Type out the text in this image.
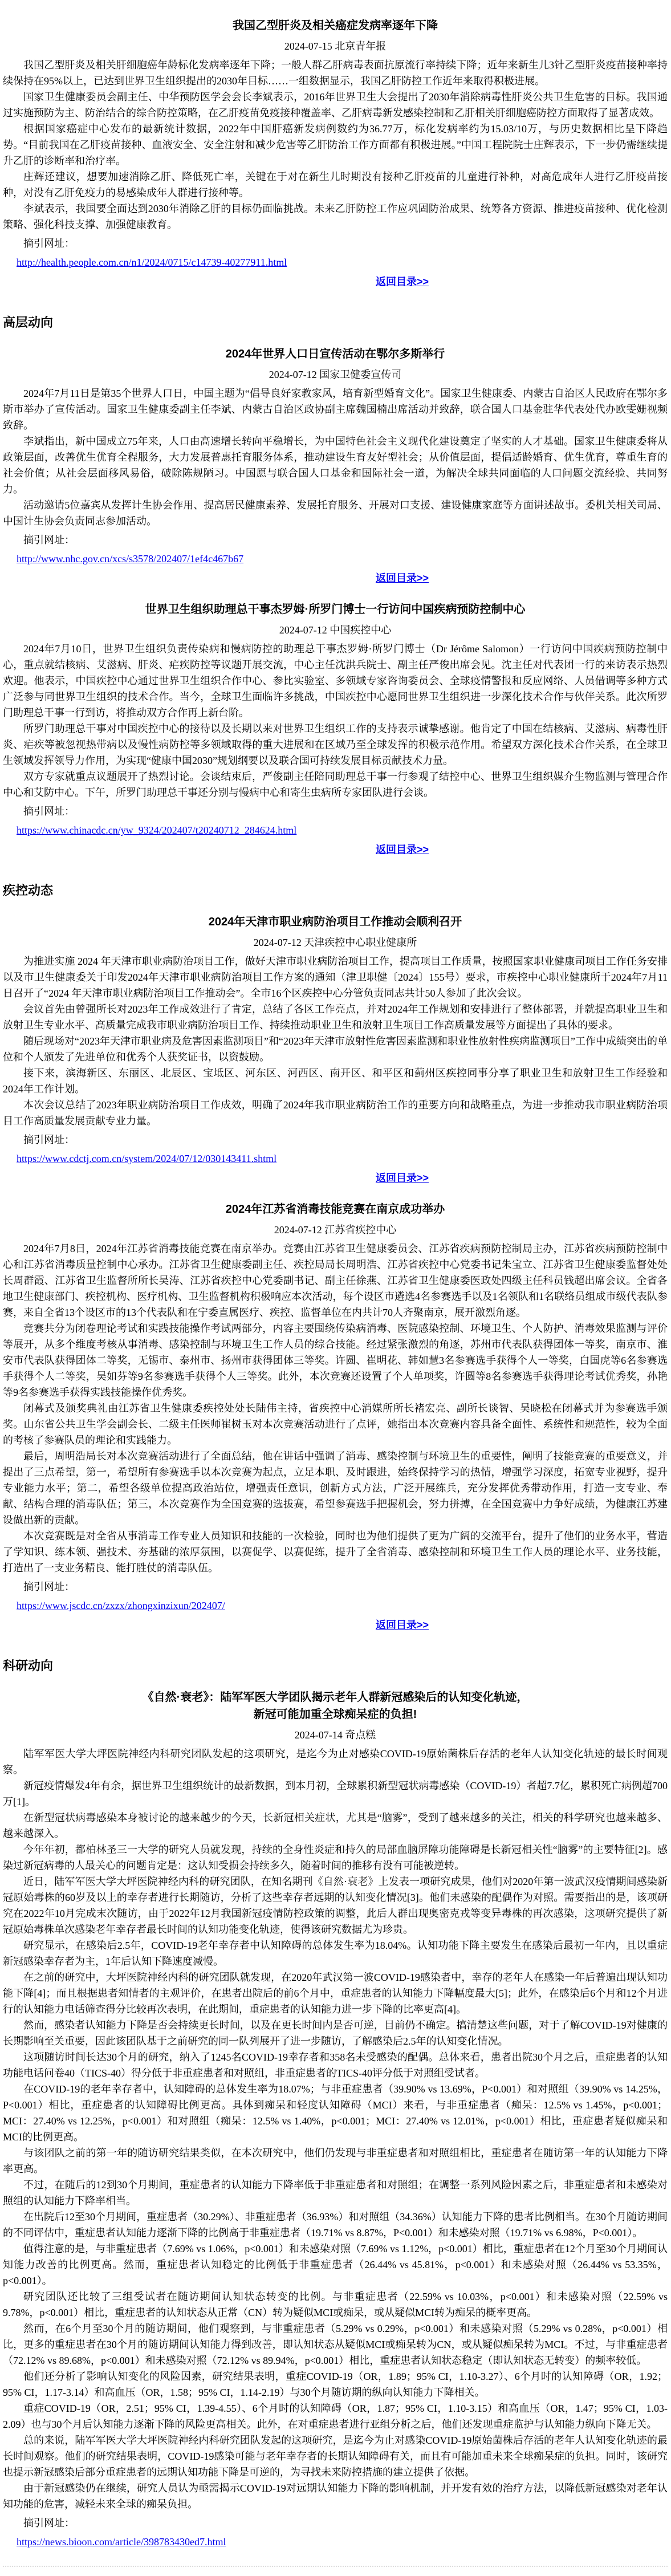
我国乙型肝炎及相关癌症发病率逐年下降
2024-07-15 北京青年报

我国乙型肝炎及相关肝细胞癌年龄标化发病率逐年下降；一般人群乙肝病毒表面抗原流行率持续下降；近年来新生儿3针乙型肝炎疫苗接种率持续保持在95%以上，已达到世界卫生组织提出的2030年目标……一组数据显示，我国乙肝防控工作近年来取得积极进展。

国家卫生健康委员会副主任、中华预防医学会会长李斌表示，2016年世界卫生大会提出了2030年消除病毒性肝炎公共卫生危害的目标。我国通过实施预防为主、防治结合的综合防控策略，在乙肝疫苗免疫接种覆盖率、乙肝病毒新发感染控制和乙肝相关肝细胞癌防控方面取得了显著成效。

根据国家癌症中心发布的最新统计数据，2022年中国肝癌新发病例数约为36.77万，标化发病率约为15.03/10万，与历史数据相比呈下降趋势。“目前我国在乙肝疫苗接种、血液安全、安全注射和减少危害等乙肝防治工作方面都有积极进展。”中国工程院院士庄辉表示，下一步仍需继续提升乙肝的诊断率和治疗率。

庄辉还建议，想要加速消除乙肝、降低死亡率，关键在于对在新生儿时期没有接种乙肝疫苗的儿童进行补种，对高危成年人进行乙肝疫苗接种，对没有乙肝免疫力的易感染成年人群进行接种等。

李斌表示，我国要全面达到2030年消除乙肝的目标仍面临挑战。未来乙肝防控工作应巩固防治成果、统筹各方资源、推进疫苗接种、优化检测策略、强化科技支撑、加强健康教育。

摘引网址：

http://health.people.com.cn/n1/2024/0715/c14739-40277911.html

返回目录>>

高层动向
2024年世界人口日宣传活动在鄂尔多斯举行
2024-07-12 国家卫健委宣传司

2024年7月11日是第35个世界人口日，中国主题为“倡导良好家教家风，培育新型婚育文化”。国家卫生健康委、内蒙古自治区人民政府在鄂尔多斯市举办了宣传活动。国家卫生健康委副主任李斌、内蒙古自治区政协副主席魏国楠出席活动并致辞，联合国人口基金驻华代表处代办欧雯姗视频致辞。

李斌指出，新中国成立75年来，人口由高速增长转向平稳增长，为中国特色社会主义现代化建设奠定了坚实的人才基础。国家卫生健康委将从政策层面，改善优生优育全程服务，大力发展普惠托育服务体系，推动建设生育友好型社会；从价值层面，提倡适龄婚育、优生优育，尊重生育的社会价值；从社会层面移风易俗，破除陈规陋习。中国愿与联合国人口基金和国际社会一道，为解决全球共同面临的人口问题交流经验、共同努力。

活动邀请5位嘉宾从发挥计生协会作用、提高居民健康素养、发展托育服务、开展对口支援、建设健康家庭等方面讲述故事。委机关相关司局、中国计生协会负责同志参加活动。

摘引网址：

http://www.nhc.gov.cn/xcs/s3578/202407/1ef4c467b67

返回目录>>

世界卫生组织助理总干事杰罗姆·所罗门博士一行访问中国疾病预防控制中心
2024-07-12 中国疾控中心

2024年7月10日，世界卫生组织负责传染病和慢病防控的助理总干事杰罗姆·所罗门博士（Dr Jérôme Salomon）一行访问中国疾病预防控制中心，重点就结核病、艾滋病、肝炎、疟疾防控等议题开展交流，中心主任沈洪兵院士、副主任严俊出席会见。沈主任对代表团一行的来访表示热烈欢迎。他表示，中国疾控中心通过世界卫生组织合作中心、参比实验室、多领域专家咨询委员会、全球疫情警报和反应网络、人员借调等多种方式广泛参与同世界卫生组织的技术合作。当今，全球卫生面临许多挑战，中国疾控中心愿同世界卫生组织进一步深化技术合作与伙伴关系。此次所罗门助理总干事一行到访，将推动双方合作再上新台阶。

所罗门助理总干事对中国疾控中心的接待以及长期以来对世界卫生组织工作的支持表示诚挚感谢。他肯定了中国在结核病、艾滋病、病毒性肝炎、疟疾等被忽视热带病以及慢性病防控等多领域取得的重大进展和在区域乃至全球发挥的积极示范作用。希望双方深化技术合作关系，在全球卫生领域发挥领导力作用，为实现“健康中国2030”规划纲要以及联合国可持续发展目标贡献技术力量。

双方专家就重点议题展开了热烈讨论。会谈结束后，严俊副主任陪同助理总干事一行参观了结控中心、世界卫生组织媒介生物监测与管理合作中心和艾防中心。下午，所罗门助理总干事还分别与慢病中心和寄生虫病所专家团队进行会谈。

摘引网址：

https://www.chinacdc.cn/yw_9324/202407/t20240712_284624.html

返回目录>>

疾控动态
2024年天津市职业病防治项目工作推动会顺利召开
2024-07-12 天津疾控中心职业健康所

为推进实施 2024 年天津市职业病防治项目工作，做好天津市职业病防治项目工作，提高项目工作质量，按照国家职业健康司项目工作任务安排以及市卫生健康委关于印发2024年天津市职业病防治项目工作方案的通知（津卫职健〔2024〕155号）要求，市疾控中心职业健康所于2024年7月11日召开了“2024 年天津市职业病防治项目工作推动会”。全市16个区疾控中心分管负责同志共计50人参加了此次会议。

会议首先由曾强所长对2023年工作成效进行了肯定，总结了各区工作亮点，并对2024年工作规划和安排进行了整体部署，并就提高职业卫生和放射卫生专业水平、高质量完成我市职业病防治项目工作、持续推动职业卫生和放射卫生项目工作高质量发展等方面提出了具体的要求。

随后现场对“2023年天津市职业病及危害因素监测项目”和“2023年天津市放射性危害因素监测和职业性放射性疾病监测项目”工作中成绩突出的单位和个人颁发了先进单位和优秀个人获奖证书，以资鼓励。

接下来，滨海新区、东丽区、北辰区、宝坻区、河东区、河西区、南开区、和平区和蓟州区疾控同事分享了职业卫生和放射卫生工作经验和2024年工作计划。

本次会议总结了2023年职业病防治项目工作成效，明确了2024年我市职业病防治工作的重要方向和战略重点，为进一步推动我市职业病防治项目工作高质量发展贡献专业力量。

摘引网址：

https://www.cdctj.com.cn/system/2024/07/12/030143411.shtml

返回目录>>

2024年江苏省消毒技能竞赛在南京成功举办
2024-07-12 江苏省疾控中心

2024年7月8日，2024年江苏省消毒技能竞赛在南京举办。竞赛由江苏省卫生健康委员会、江苏省疾病预防控制局主办，江苏省疾病预防控制中心和江苏省消毒质量控制中心承办。江苏省卫生健康委副主任、疾控局局长周明浩、江苏省疾控中心党委书记朱宝立、江苏省卫生健康委监督处处长周群霞、江苏省卫生监督所所长吴涛、江苏省疾控中心党委副书记、副主任徐燕、江苏省卫生健康委医政处四级主任科员钱超出席会议。全省各地卫生健康部门、疾控机构、医疗机构、卫生监督机构积极响应本次活动，每个设区市遴选4名参赛选手以及1名领队和1名联络员组成市级代表队参赛，来自全省13个设区市的13个代表队和在宁委直属医疗、疾控、监督单位在内共计70人齐聚南京，展开激烈角逐。

竞赛共分为闭卷理论考试和实践技能操作考试两部分，内容主要围绕传染病消毒、医院感染控制、环境卫生、个人防护、消毒效果监测与评价等展开，从多个维度考核从事消毒、感染控制与环境卫生工作人员的综合技能。经过紧张激烈的角逐，苏州市代表队获得团体一等奖，南京市、淮安市代表队获得团体二等奖，无锡市、泰州市、扬州市获得团体三等奖。许圆、崔明花、韩如慧3名参赛选手获得个人一等奖，白国虎等6名参赛选手获得个人二等奖，吴如芬等9名参赛选手获得个人三等奖。此外，本次竞赛还设置了个人单项奖，许圆等8名参赛选手获得理论考试优秀奖，孙艳等9名参赛选手获得实践技能操作优秀奖。

闭幕式及颁奖典礼由江苏省卫生健康委疾控处处长陆伟主持，省疾控中心消媒所所长褚宏亮、副所长谈智、吴晓松在闭幕式并为参赛选手颁奖。山东省公共卫生学会副会长、二级主任医师崔树玉对本次竞赛活动进行了点评，她指出本次竞赛内容具备全面性、系统性和规范性，较为全面的考核了参赛队员的理论和实践能力。

最后，周明浩局长对本次竞赛活动进行了全面总结，他在讲话中强调了消毒、感染控制与环境卫生的重要性，阐明了技能竞赛的重要意义，并提出了三点希望，第一，希望所有参赛选手以本次竞赛为起点，立足本职、及时跟进，始终保持学习的热情，增强学习深度，拓宽专业视野，提升专业能力水平；第二，希望各级单位提高政治站位，增强责任意识，创新方式方法，广泛开展练兵，充分发挥优秀带动作用，打造一支专业、奉献、结构合理的消毒队伍；第三，本次竞赛作为全国竞赛的选拔赛，希望参赛选手把握机会，努力拼搏，在全国竞赛中力争好成绩，为健康江苏建设做出新的贡献。

本次竞赛既是对全省从事消毒工作专业人员知识和技能的一次检验，同时也为他们提供了更为广阔的交流平台，提升了他们的业务水平，营造了学知识、练本领、强技术、夯基础的浓厚氛围，以赛促学、以赛促练，提升了全省消毒、感染控制和环境卫生工作人员的理论水平、业务技能，打造出了一支业务精良、能打胜仗的消毒队伍。

摘引网址：

https://www.jscdc.cn/zxzx/zhongxinzixun/202407/

返回目录>>

科研动向
《自然·衰老》：陆军军医大学团队揭示老年人群新冠感染后的认知变化轨迹，
新冠可能加重全球痴呆症的负担!
2024-07-14 奇点糕

陆军军医大学大坪医院神经内科研究团队发起的这项研究，是迄今为止对感染COVID-19原始菌株后存活的老年人认知变化轨迹的最长时间观察。

新冠疫情爆发4年有余，据世界卫生组织统计的最新数据，到本月初，全球累积新型冠状病毒感染（COVID-19）者超7.7亿，累积死亡病例超700万[1]。

在新型冠状病毒感染本身被讨论的越来越少的今天，长新冠相关症状，尤其是“脑雾”，受到了越来越多的关注，相关的科学研究也越来越多、越来越深入。

今年年初，都柏林圣三一大学的研究人员就发现，持续的全身性炎症和持久的局部血脑屏障功能障碍是长新冠相关性“脑雾”的主要特征[2]。感染过新冠病毒的人最关心的问题肯定是：这认知受损会持续多久，随着时间的推移有没有可能被逆转。

近日，陆军军医大学大坪医院神经内科的研究团队，在知名期刊《自然·衰老》上发表一项研究成果，他们对2020年第一波武汉疫情期间感染新冠原始毒株的60岁及以上的幸存者进行长期随访，分析了这些幸存者远期的认知变化情况[3]。他们未感染的配偶作为对照。需要指出的是，该项研究在2022年10月完成末次随访，由于2022年12月我国新冠疫情防控政策的调整，此后人群出现奥密克戎等变异毒株的再次感染，这项研究提供了新冠原始毒株单次感染老年幸存者最长时间的认知功能变化轨迹，使得该研究数据尤为珍贵。

研究显示，在感染后2.5年，COVID-19老年幸存者中认知障碍的总体发生率为18.04%。认知功能下降主要发生在感染后最初一年内，且以重症新冠感染幸存者为主，1年后认知下降速度减慢。

在之前的研究中，大坪医院神经内科的研究团队就发现，在2020年武汉第一波COVID-19感染者中，幸存的老年人在感染一年后普遍出现认知功能下降[4]；而且根据患者知情者的主观评价，在患者出院后的前6个月中，重症患者的认知能力下降幅度最大[5]；此外，在感染后6个月和12个月进行的认知能力电话筛查得分比较再次表明，在此期间，重症患者的认知能力进一步下降的比率更高[4]。

然而，感染者认知能力下降是否会持续更长时间，以及在更长时间内是否可逆，目前仍不确定。搞清楚这些问题，对于了解COVID-19对健康的长期影响至关重要，因此该团队基于之前研究的同一队列展开了进一步随访，了解感染后2.5年的认知变化情况。

这项随访时间长达30个月的研究，纳入了1245名COVID-19幸存者和358名未受感染的配偶。总体来看，患者出院30个月之后，重症患者的认知功能电话问卷40（TICS-40）得分低于非重症患者和对照组，非重症患者的TICS-40评分低于对照组受试者。

在COVID-19的老年幸存者中，认知障碍的总体发生率为18.07%；与非重症患者（39.90% vs 13.69%，P<0.001）和对照组（39.90% vs 14.25%，P<0.001）相比，重症患者的认知障碍比例更高。具体到痴呆和轻度认知障碍（MCI）来看，与非重症患者（痴呆：12.5% vs 1.45%，p<0.001；MCI：27.40% vs 12.25%，p<0.001）和对照组（痴呆：12.5% vs 1.40%，p<0.001；MCI：27.40% vs 12.01%，p<0.001）相比，重症患者疑似痴呆和MCI的比例更高。

与该团队之前的第一年的随访研究结果类似，在本次研究中，他们仍发现与非重症患者和对照组相比，重症患者在随访第一年的认知能力下降率更高。

不过，在随后的12到30个月期间，重症患者的认知能力下降率低于非重症患者和对照组；在调整一系列风险因素之后，非重症患者和未感染对照组的认知能力下降率相当。

在出院后12至30个月期间，重症患者（30.29%）、非重症患者（36.93%）和对照组（34.36%）认知能力下降的患者比例相当。在30个月随访期间的不同评估中，重症患者认知能力逐渐下降的比例高于非重症患者（19.71% vs 8.87%，P<0.001）和未感染对照（19.71% vs 6.98%，P<0.001）。

值得注意的是，与非重症患者（7.69% vs 1.06%，p<0.001）和未感染对照（7.69% vs 1.12%，p<0.001）相比，重症患者在12个月至30个月期间认知能力改善的比例更高。然而，重症患者认知稳定的比例低于非重症患者（26.44% vs 45.81%，p<0.001）和未感染对照（26.44% vs 53.35%，p<0.001）。

研究团队还比较了三组受试者在随访期间认知状态转变的比例。与非重症患者（22.59% vs 10.03%，p<0.001）和未感染对照（22.59% vs 9.78%，p<0.001）相比，重症患者的认知状态从正常（CN）转为疑似MCI或痴呆，或从疑似MCI转为痴呆的概率更高。

然而，在6个月至30个月的随访期间，他们观察到，与非重症患者（5.29% vs 0.29%，p<0.001）和未感染对照（5.29% vs 0.28%，p<0.001）相比，更多的重症患者在30个月的随访期间认知能力得到改善，即认知状态从疑似MCI或痴呆转为CN，或从疑似痴呆转为MCI。不过，与非重症患者（72.12% vs 89.68%，p<0.001）和未感染对照（72.12% vs 89.94%，p<0.001）相比，重症患者认知状态稳定（即认知状态无转变）的频率较低。

他们还分析了影响认知变化的风险因素，研究结果表明，重症COVID-19（OR，1.89；95% CI，1.10-3.27）、6个月时的认知障碍（OR，1.92；95% CI，1.17-3.14）和高血压（OR，1.58；95% CI，1.14-2.19）与30个月随访期的纵向认知能力下降相关。

重症COVID-19（OR，2.51；95% CI，1.39-4.55）、6个月时的认知障碍（OR，1.87；95% CI，1.10-3.15）和高血压（OR，1.47；95% CI，1.03-2.09）也与30个月后认知能力逐渐下降的风险更高相关。此外，在对重症患者进行亚组分析之后，他们还发现重症监护与认知能力纵向下降无关。

总的来说，陆军军医大学大坪医院神经内科研究团队发起的这项研究，是迄今为止对感染COVID-19原始菌株后存活的老年人认知变化轨迹的最长时间观察。他们的研究结果表明，COVID-19感染可能与老年幸存者的长期认知障碍有关，而且有可能加重未来全球痴呆症的负担。同时，该研究也提示新冠感染后部分重症患者的远期认知功能下降是可逆的，为寻找未来防控措施的建立提供了依据。

由于新冠感染仍在继续，研究人员认为亟需揭示COVID-19对远期认知能力下降的影响机制，并开发有效的治疗方法，以降低新冠感染对老年认知功能的危害，减轻未来全球的痴呆负担。

摘引网址：

https://news.bioon.com/article/398783430ed7.html
